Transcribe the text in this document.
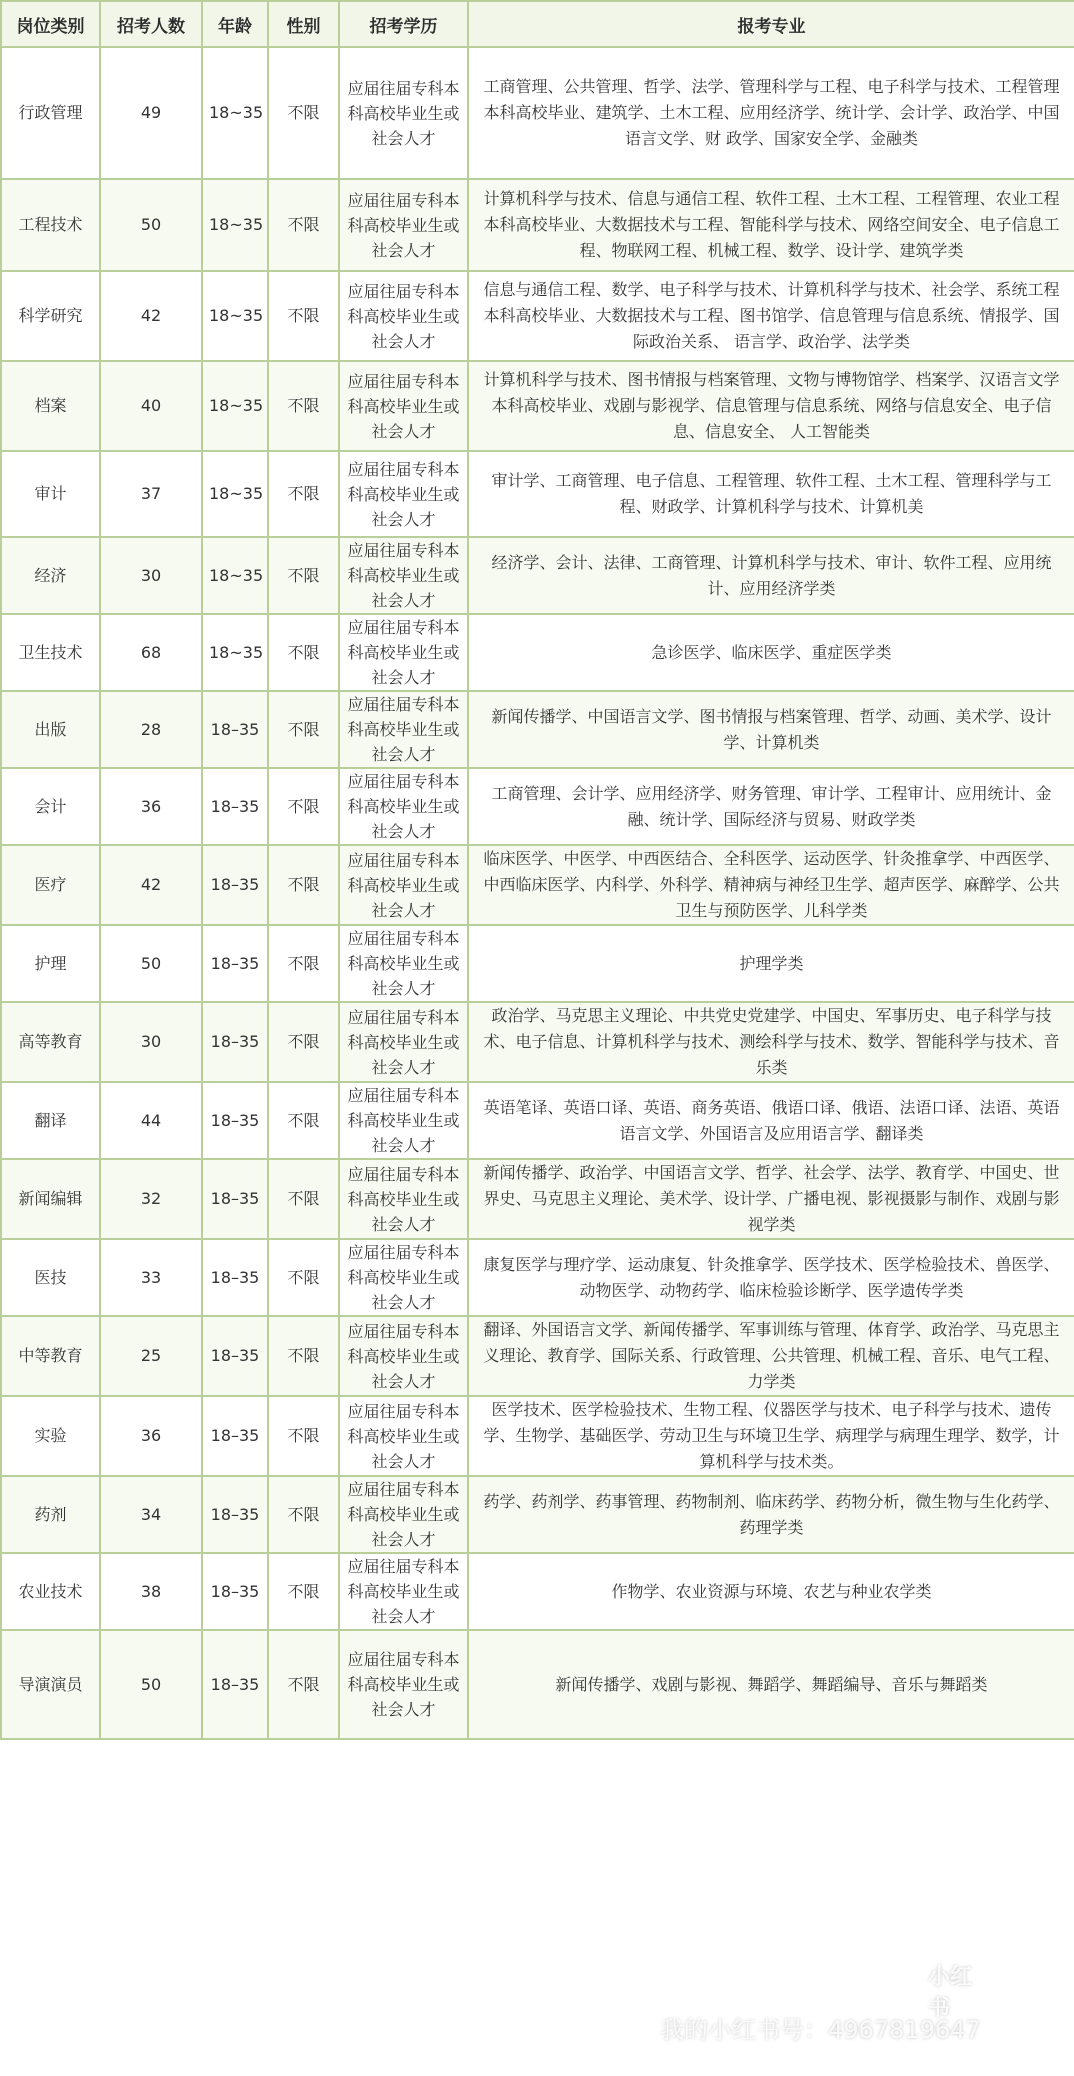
岗位类别	招考人数	年龄	性别	招考学历	报考专业
行政管理	49	18~35	不限	应届往届专科本科高校毕业生或社会人才	工商管理、公共管理、哲学、法学、管理科学与工程、电子科学与技术、工程管理本科高校毕业、建筑学、土木工程、应用经济学、统计学、会计学、政治学、中国语言文学、财 政学、国家安全学、金融类
工程技术	50	18~35	不限	应届往届专科本科高校毕业生或社会人才	计算机科学与技术、信息与通信工程、软件工程、土木工程、工程管理、农业工程本科高校毕业、大数据技术与工程、智能科学与技术、网络空间安全、电子信息工程、物联网工程、机械工程、数学、设计学、建筑学类
科学研究	42	18~35	不限	应届往届专科本科高校毕业生或社会人才	信息与通信工程、数学、电子科学与技术、计算机科学与技术、社会学、系统工程本科高校毕业、大数据技术与工程、图书馆学、信息管理与信息系统、情报学、国际政治关系、 语言学、政治学、法学类
档案	40	18~35	不限	应届往届专科本科高校毕业生或社会人才	计算机科学与技术、图书情报与档案管理、文物与博物馆学、档案学、汉语言文学本科高校毕业、戏剧与影视学、信息管理与信息系统、网络与信息安全、电子信息、信息安全、 人工智能类
审计	37	18~35	不限	应届往届专科本科高校毕业生或社会人才	审计学、工商管理、电子信息、工程管理、软件工程、土木工程、管理科学与工程、财政学、计算机科学与技术、计算机美
经济	30	18~35	不限	应届往届专科本科高校毕业生或社会人才	经济学、会计、法律、工商管理、计算机科学与技术、审计、软件工程、应用统计、应用经济学类
卫生技术	68	18~35	不限	应届往届专科本科高校毕业生或社会人才	急诊医学、临床医学、重症医学类
出版	28	18–35	不限	应届往届专科本科高校毕业生或社会人才	新闻传播学、中国语言文学、图书情报与档案管理、哲学、动画、美术学、设计学、计算机类
会计	36	18–35	不限	应届往届专科本科高校毕业生或社会人才	工商管理、会计学、应用经济学、财务管理、审计学、工程审计、应用统计、金融、统计学、国际经济与贸易、财政学类
医疗	42	18–35	不限	应届往届专科本科高校毕业生或社会人才	临床医学、中医学、中西医结合、全科医学、运动医学、针灸推拿学、中西医学、中西临床医学、内科学、外科学、精神病与神经卫生学、超声医学、麻醉学、公共卫生与预防医学、儿科学类
护理	50	18–35	不限	应届往届专科本科高校毕业生或社会人才	护理学类
高等教育	30	18–35	不限	应届往届专科本科高校毕业生或社会人才	政治学、马克思主义理论、中共党史党建学、中国史、军事历史、电子科学与技术、电子信息、计算机科学与技术、测绘科学与技术、数学、智能科学与技术、音乐类
翻译	44	18–35	不限	应届往届专科本科高校毕业生或社会人才	英语笔译、英语口译、英语、商务英语、俄语口译、俄语、法语口译、法语、英语语言文学、外国语言及应用语言学、翻译类
新闻编辑	32	18–35	不限	应届往届专科本科高校毕业生或社会人才	新闻传播学、政治学、中国语言文学、哲学、社会学、法学、教育学、中国史、世界史、马克思主义理论、美术学、设计学、广播电视、影视摄影与制作、戏剧与影视学类
医技	33	18–35	不限	应届往届专科本科高校毕业生或社会人才	康复医学与理疗学、运动康复、针灸推拿学、医学技术、医学检验技术、兽医学、动物医学、动物药学、临床检验诊断学、医学遗传学类
中等教育	25	18–35	不限	应届往届专科本科高校毕业生或社会人才	翻译、外国语言文学、新闻传播学、军事训练与管理、体育学、政治学、马克思主义理论、教育学、国际关系、行政管理、公共管理、机械工程、音乐、电气工程、力学类
实验	36	18–35	不限	应届往届专科本科高校毕业生或社会人才	医学技术、医学检验技术、生物工程、仪器医学与技术、电子科学与技术、遗传学、生物学、基础医学、劳动卫生与环境卫生学、病理学与病理生理学、数学，计算机科学与技术类。
药剂	34	18–35	不限	应届往届专科本科高校毕业生或社会人才	药学、药剂学、药事管理、药物制剂、临床药学、药物分析，微生物与生化药学、药理学类
农业技术	38	18–35	不限	应届往届专科本科高校毕业生或社会人才	作物学、农业资源与环境、农艺与种业农学类
导演演员	50	18–35	不限	应届往届专科本科高校毕业生或社会人才	新闻传播学、戏剧与影视、舞蹈学、舞蹈编导、音乐与舞蹈类
小红书
我的小红书号：4967819647
